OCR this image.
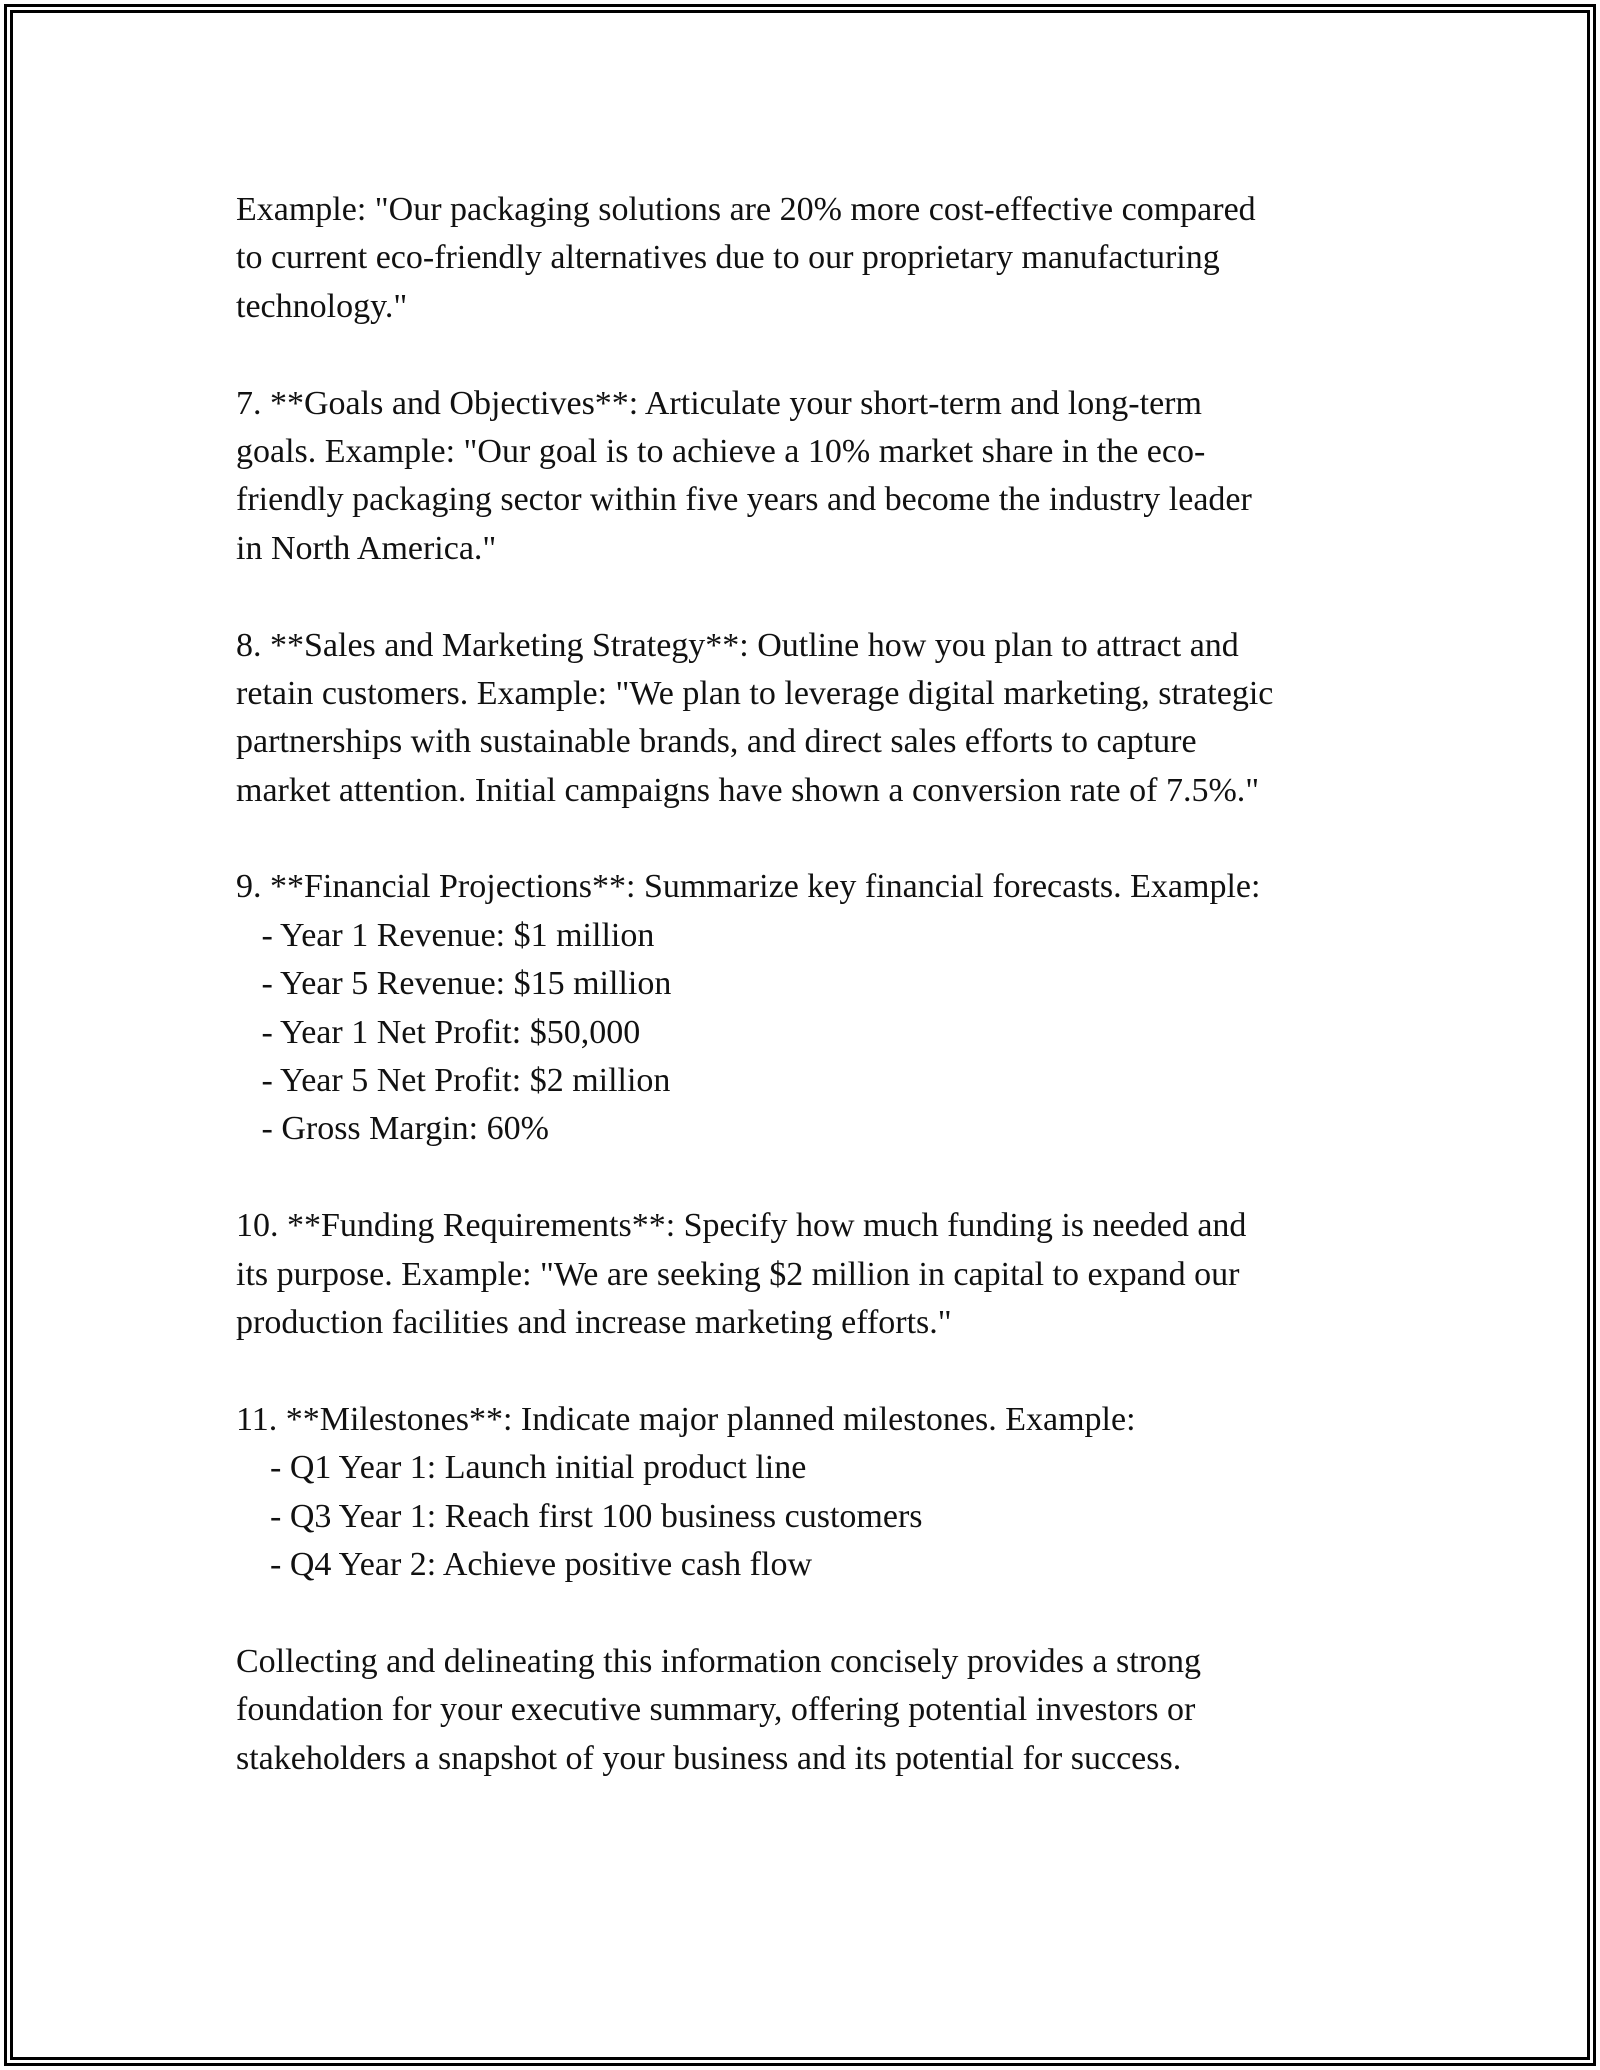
Example: "Our packaging solutions are 20% more cost-effective compared
to current eco-friendly alternatives due to our proprietary manufacturing
technology."
7. **Goals and Objectives**: Articulate your short-term and long-term
goals. Example: "Our goal is to achieve a 10% market share in the eco-
friendly packaging sector within five years and become the industry leader
in North America."
8. **Sales and Marketing Strategy**: Outline how you plan to attract and
retain customers. Example: "We plan to leverage digital marketing, strategic
partnerships with sustainable brands, and direct sales efforts to capture
market attention. Initial campaigns have shown a conversion rate of 7.5%."
9. **Financial Projections**: Summarize key financial forecasts. Example:
- Year 1 Revenue: $1 million
- Year 5 Revenue: $15 million
- Year 1 Net Profit: $50,000
- Year 5 Net Profit: $2 million
- Gross Margin: 60%
10. **Funding Requirements**: Specify how much funding is needed and
its purpose. Example: "We are seeking $2 million in capital to expand our
production facilities and increase marketing efforts."
11. **Milestones**: Indicate major planned milestones. Example:
- Q1 Year 1: Launch initial product line
- Q3 Year 1: Reach first 100 business customers
- Q4 Year 2: Achieve positive cash flow
Collecting and delineating this information concisely provides a strong
foundation for your executive summary, offering potential investors or
stakeholders a snapshot of your business and its potential for success.
